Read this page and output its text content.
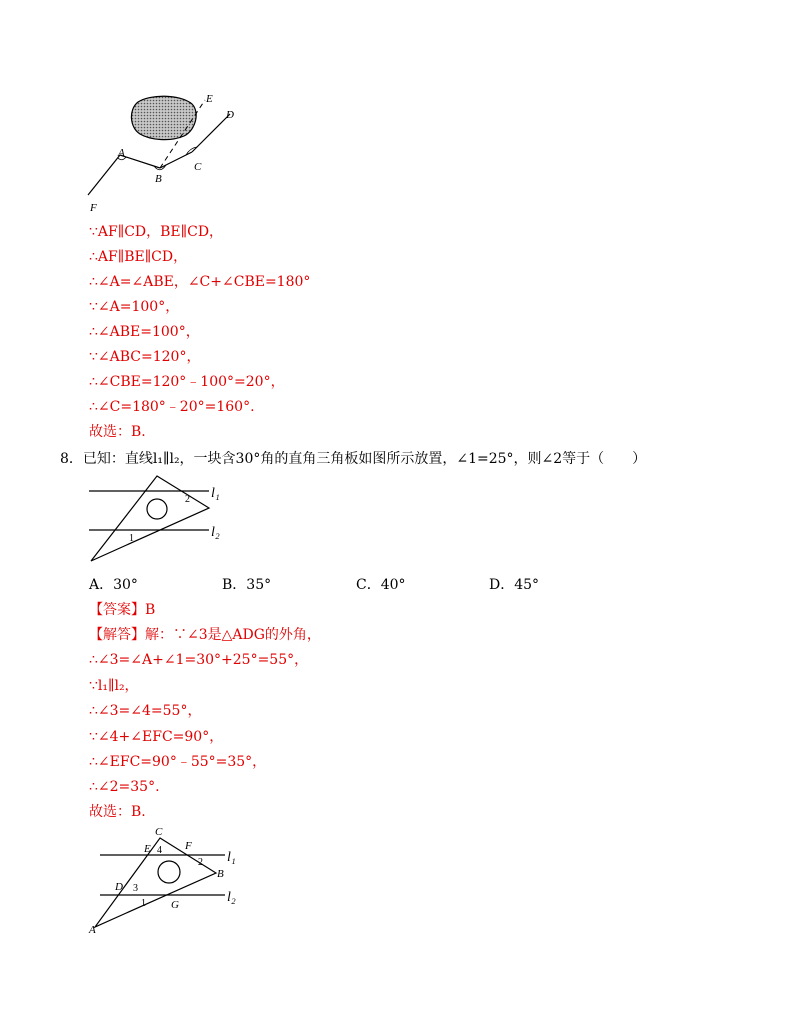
A
B
C
D
E
F
∵AF∥CD，BE∥CD，
∴AF∥BE∥CD，
∴∠A=∠ABE，∠C+∠CBE=180°
∵∠A=100°，
∴∠ABE=100°，
∵∠ABC=120°，
∴∠CBE=120°﹣100°=20°，
∴∠C=180°﹣20°=160°.
故选：B.
8．已知：直线l₁∥l₂，一块含30°角的直角三角板如图所示放置，∠1=25°，则∠2等于（　　）
2
1
l₁
l₂
A．30°	B．35°	C．40°	D．45°
【答案】B
【解答】解：∵∠3是△ADG的外角，
∴∠3=∠A+∠1=30°+25°=55°，
∵l₁∥l₂，
∴∠3=∠4=55°，
∵∠4+∠EFC=90°，
∴∠EFC=90°﹣55°=35°，
∴∠2=35°.
故选：B.
C
E 4 F
2 l₁
B
D 3
l₂
1 G
A
